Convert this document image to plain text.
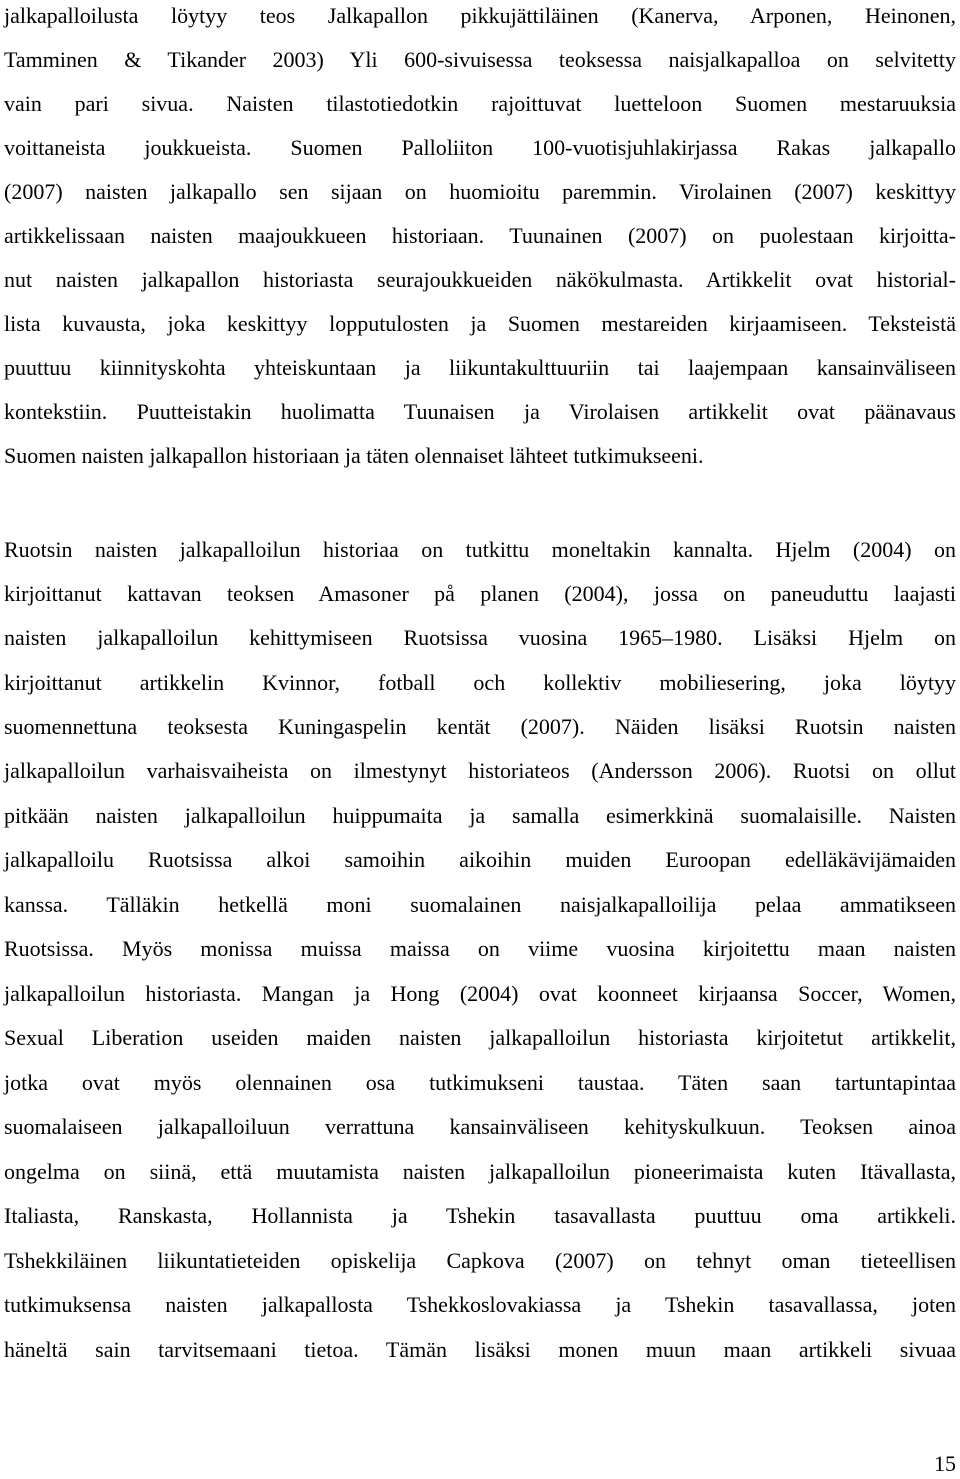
jalkapalloilusta löytyy teos Jalkapallon pikkujättiläinen (Kanerva, Arponen, Heinonen,
Tamminen & Tikander 2003) Yli 600-sivuisessa teoksessa naisjalkapalloa on selvitetty
vain pari sivua. Naisten tilastotiedotkin rajoittuvat luetteloon Suomen mestaruuksia
voittaneista joukkueista. Suomen Palloliiton 100-vuotisjuhlakirjassa Rakas jalkapallo
(2007) naisten jalkapallo sen sijaan on huomioitu paremmin. Virolainen (2007) keskittyy
artikkelissaan naisten maajoukkueen historiaan. Tuunainen (2007) on puolestaan kirjoitta-
nut naisten jalkapallon historiasta seurajoukkueiden näkökulmasta. Artikkelit ovat historial-
lista kuvausta, joka keskittyy lopputulosten ja Suomen mestareiden kirjaamiseen. Teksteistä
puuttuu kiinnityskohta yhteiskuntaan ja liikuntakulttuuriin tai laajempaan kansainväliseen
kontekstiin. Puutteistakin huolimatta Tuunaisen ja Virolaisen artikkelit ovat päänavaus
Suomen naisten jalkapallon historiaan ja täten olennaiset lähteet tutkimukseeni.
Ruotsin naisten jalkapalloilun historiaa on tutkittu moneltakin kannalta. Hjelm (2004) on
kirjoittanut kattavan teoksen Amasoner på planen (2004), jossa on paneuduttu laajasti
naisten jalkapalloilun kehittymiseen Ruotsissa vuosina 1965–1980. Lisäksi Hjelm on
kirjoittanut artikkelin Kvinnor, fotball och kollektiv mobiliesering, joka löytyy
suomennettuna teoksesta Kuningaspelin kentät (2007). Näiden lisäksi Ruotsin naisten
jalkapalloilun varhaisvaiheista on ilmestynyt historiateos (Andersson 2006). Ruotsi on ollut
pitkään naisten jalkapalloilun huippumaita ja samalla esimerkkinä suomalaisille. Naisten
jalkapalloilu Ruotsissa alkoi samoihin aikoihin muiden Euroopan edelläkävijämaiden
kanssa. Tälläkin hetkellä moni suomalainen naisjalkapalloilija pelaa ammatikseen
Ruotsissa. Myös monissa muissa maissa on viime vuosina kirjoitettu maan naisten
jalkapalloilun historiasta. Mangan ja Hong (2004) ovat koonneet kirjaansa Soccer, Women,
Sexual Liberation useiden maiden naisten jalkapalloilun historiasta kirjoitetut artikkelit,
jotka ovat myös olennainen osa tutkimukseni taustaa. Täten saan tartuntapintaa
suomalaiseen jalkapalloiluun verrattuna kansainväliseen kehityskulkuun. Teoksen ainoa
ongelma on siinä, että muutamista naisten jalkapalloilun pioneerimaista kuten Itävallasta,
Italiasta, Ranskasta, Hollannista ja Tshekin tasavallasta puuttuu oma artikkeli.
Tshekkiläinen liikuntatieteiden opiskelija Capkova (2007) on tehnyt oman tieteellisen
tutkimuksensa naisten jalkapallosta Tshekkoslovakiassa ja Tshekin tasavallassa, joten
häneltä sain tarvitsemaani tietoa. Tämän lisäksi monen muun maan artikkeli sivuaa
15
